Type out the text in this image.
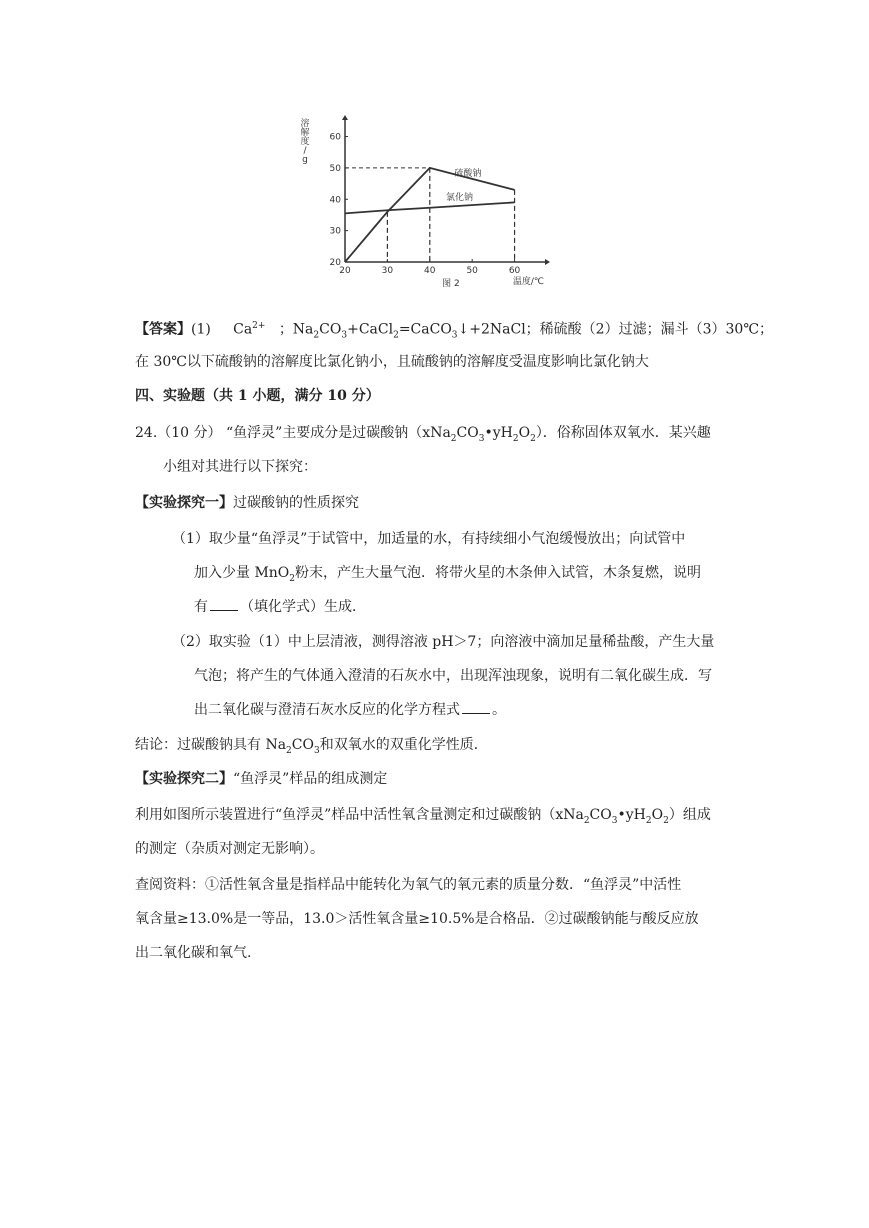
20	30	40	50	60
20
30
40
50
60
溶
解
度
/
g
温度/℃
图 2
硫酸钠
氯化钠
【答案】(1) $Ca^{2+}$ ；$Na_2CO_3+CaCl_2=CaCO_3↓+2NaCl$；稀硫酸（2）过滤；漏斗（3）30℃；
在 30℃以下硫酸钠的溶解度比氯化钠小，且硫酸钠的溶解度受温度影响比氯化钠大
四、实验题（共 1 小题，满分 10 分）
24.（10 分） “鱼浮灵”主要成分是过碳酸钠$(xNa_2CO_3•yH_2O_2)$．俗称固体双氧水．某兴趣
小组对其进行以下探究：
【实验探究一】过碳酸钠的性质探究
（1）取少量“鱼浮灵”于试管中，加适量的水，有持续细小气泡缓慢放出；向试管中
加入少量 MnO$_2$粉末，产生大量气泡．将带火星的木条伸入试管，木条复燃，说明
有 （填化学式）生成．
（2）取实验（1）中上层清液，测得溶液 pH＞7；向溶液中滴加足量稀盐酸，产生大量
气泡；将产生的气体通入澄清的石灰水中，出现浑浊现象，说明有二氧化碳生成．写
出二氧化碳与澄清石灰水反应的化学方程式 。
结论：过碳酸钠具有 $Na_2CO_3$和双氧水的双重化学性质．
【实验探究二】“鱼浮灵”样品的组成测定
利用如图所示装置进行“鱼浮灵”样品中活性氧含量测定和过碳酸钠$(xNa_2CO_3•yH_2O_2)$组成
的测定（杂质对测定无影响）。
查阅资料：①活性氧含量是指样品中能转化为氧气的氧元素的质量分数．“鱼浮灵”中活性
氧含量≥13.0%是一等品，13.0＞活性氧含量≥10.5%是合格品．②过碳酸钠能与酸反应放
出二氧化碳和氧气.
